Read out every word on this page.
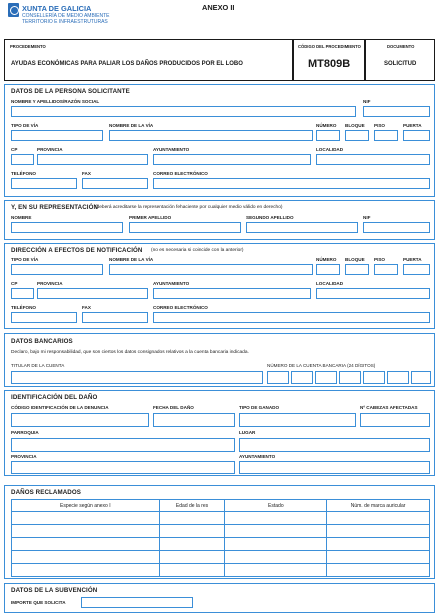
XUNTA DE GALICIA
CONSELLERÍA DE MEDIO AMBIENTE
TERRITORIO E INFRAESTRUTURAS
ANEXO II
PROCEDEMENTO
AYUDAS ECONÓMICAS PARA PALIAR LOS DAÑOS PRODUCIDOS POR EL LOBO
CÓDIGO DEL PROCEDIMIENTO
MT809B
DOCUMENTO
SOLICITUD
DATOS DE LA PERSONA SOLICITANTE
NOMBRE Y APELLIDOS/RAZÓN SOCIAL	NIF
TIPO DE VÍA	NOMBRE DE LA VÍA	NÚMERO BLOQUE PISO	PUERTA
CP	PROVINCIA	AYUNTAMIENTO	LOCALIDAD
TELÉFONO	FAX	CORREO ELECTRÓNICO
Y, EN SU REPRESENTACIÓN
(deberá acreditarse la representación fehaciente por cualquier medio válido en derecho)
NOMBRE	PRIMER APELLIDO	SEGUNDO APELLIDO	NIF
DIRECCIÓN A EFECTOS DE NOTIFICACIÓN (no es necesaria si coincide con la anterior)
TIPO DE VÍA	NOMBRE DE LA VÍA	NÚMERO BLOQUE PISO	PUERTA
CP	PROVINCIA	AYUNTAMIENTO	LOCALIDAD
TELÉFONO	FAX	CORREO ELECTRÓNICO
DATOS BANCARIOS
Declaro, bajo mi responsabilidad, que son ciertos los datos consignados relativos a la cuenta bancaria indicada.
TITULAR DE LA CUENTA	NÚMERO DE LA CUENTA BANCARIA (24 DÍGITOS)
IDENTIFICACIÓN DEL DAÑO
CÓDIGO IDENTIFICACIÓN DE LA DENUNCIA	FECHA DEL DAÑO	TIPO DE GANADO	Nº CABEZAS AFECTADAS
PARROQUIA	LUGAR
PROVINCIA	AYUNTAMIENTO
DAÑOS RECLAMADOS
Especie según anexo I	Edad de la res	Estado	Núm. de marca auricular

DATOS DE LA SUBVENCIÓN
IMPORTE QUE SOLICITA
